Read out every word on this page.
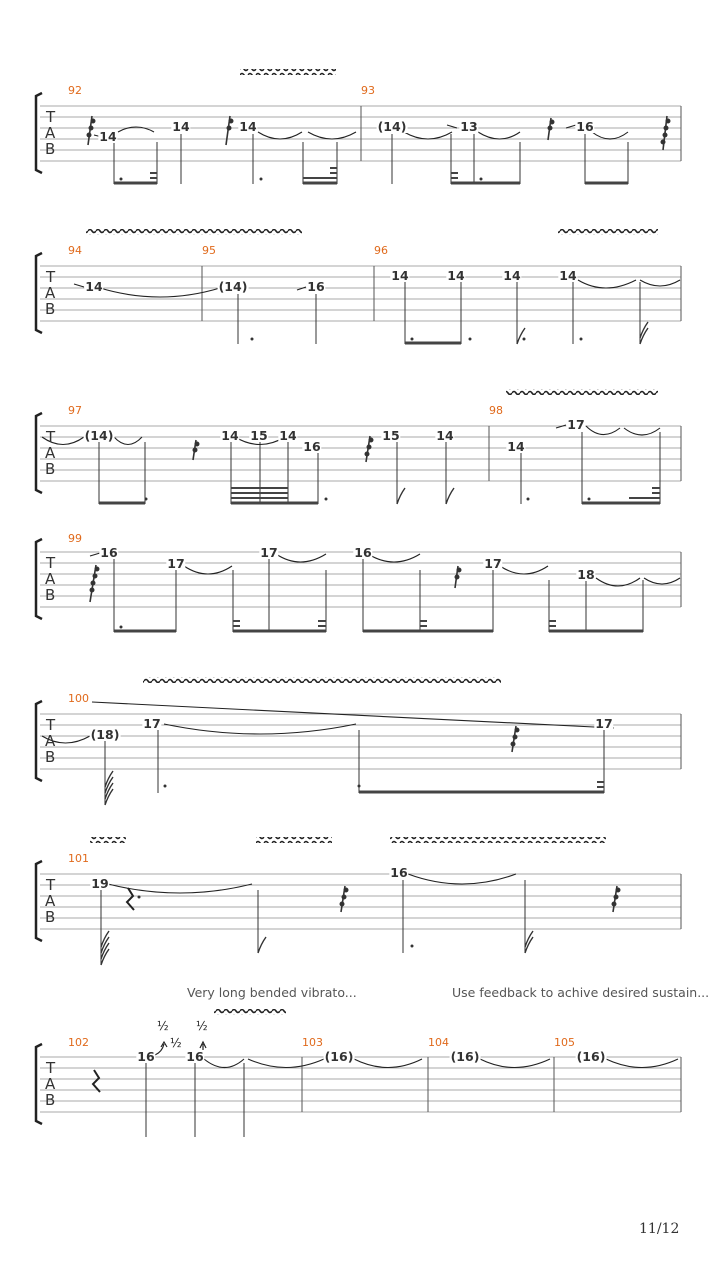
T
A
B
T
A
B
T
A
B
T
A
B
T
A
B
T
A
B
T
A
B
92	93
94	95	96
97	98
99
100
101
102	103	104	105
14
14	14	(14)	13	16
14	(14)	16
14	14	14	14
(14)	14 15 14
16
15	14
14
17
16
17
17	16
17
18
(18)
17	17
19
16
16	16	(16)	(16)	(16)
½
½
½
Very long bended vibrato...	Use feedback to achive desired sustain...
11/12
